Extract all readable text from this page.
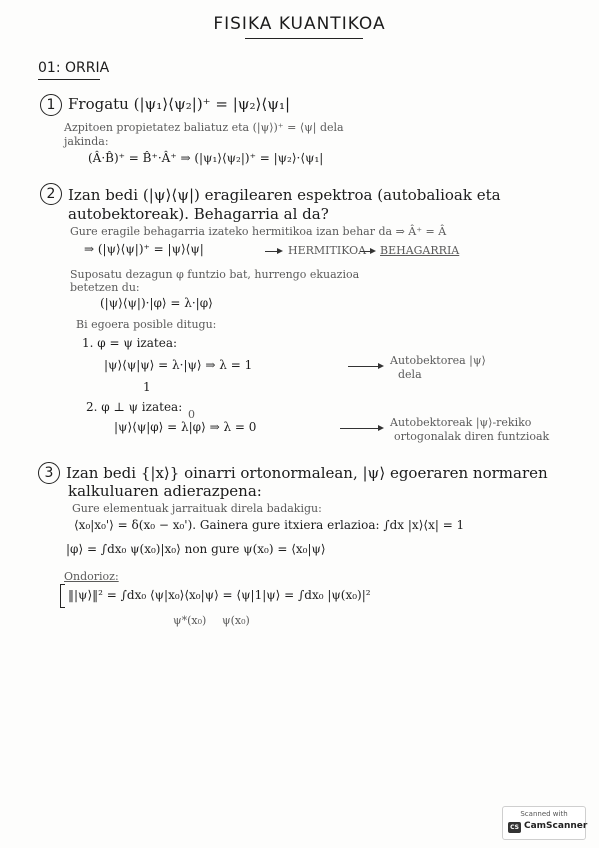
FISIKA KUANTIKOA
01: ORRIA
1 Frogatu (|ψ₁⟩⟨ψ₂|)⁺ = |ψ₂⟩⟨ψ₁|
Azpitoen propietatez baliatuz eta (|ψ⟩)⁺ = ⟨ψ| dela
jakinda:
(Â·B̂)⁺ = B̂⁺·Â⁺ ⇒ (|ψ₁⟩⟨ψ₂|)⁺ = |ψ₂⟩·⟨ψ₁|
2 Izan bedi (|ψ⟩⟨ψ|) eragilearen espektroa (autobalioak eta
autobektoreak). Behagarria al da?
Gure eragile behagarria izateko hermitikoa izan behar da ⇒ Â⁺ = Â
⇒ (|ψ⟩⟨ψ|)⁺ = |ψ⟩⟨ψ|	HERMITIKOA BEHAGARRIA
Suposatu dezagun φ funtzio bat, hurrengo ekuazioa
betetzen du:
(|ψ⟩⟨ψ|)·|φ⟩ = λ·|φ⟩
Bi egoera posible ditugu:
1. φ = ψ izatea:
|ψ⟩⟨ψ|ψ⟩ = λ·|ψ⟩ ⇒ λ = 1
1
Autobektorea |ψ⟩
dela
2. φ ⊥ ψ izatea:
|ψ⟩⟨ψ|φ⟩ = λ|φ⟩ ⇒ λ = 0
0
Autobektoreak |ψ⟩-rekiko
ortogonalak diren funtzioak
3 Izan bedi {|x⟩} oinarri ortonormalean, |ψ⟩ egoeraren normaren
kalkuluaren adierazpena:
Gure elementuak jarraituak direla badakigu:
⟨x₀|x₀'⟩ = δ(x₀ − x₀'). Gainera gure itxiera erlazioa: ∫dx |x⟩⟨x| = 1
|φ⟩ = ∫dx₀ ψ(x₀)|x₀⟩ non gure ψ(x₀) = ⟨x₀|ψ⟩
Ondorioz:
‖|ψ⟩‖² = ∫dx₀ ⟨ψ|x₀⟩⟨x₀|ψ⟩ = ⟨ψ|1|ψ⟩ = ∫dx₀ |ψ(x₀)|²
ψ*(x₀) ψ(x₀)
Scanned with
CS CamScanner
